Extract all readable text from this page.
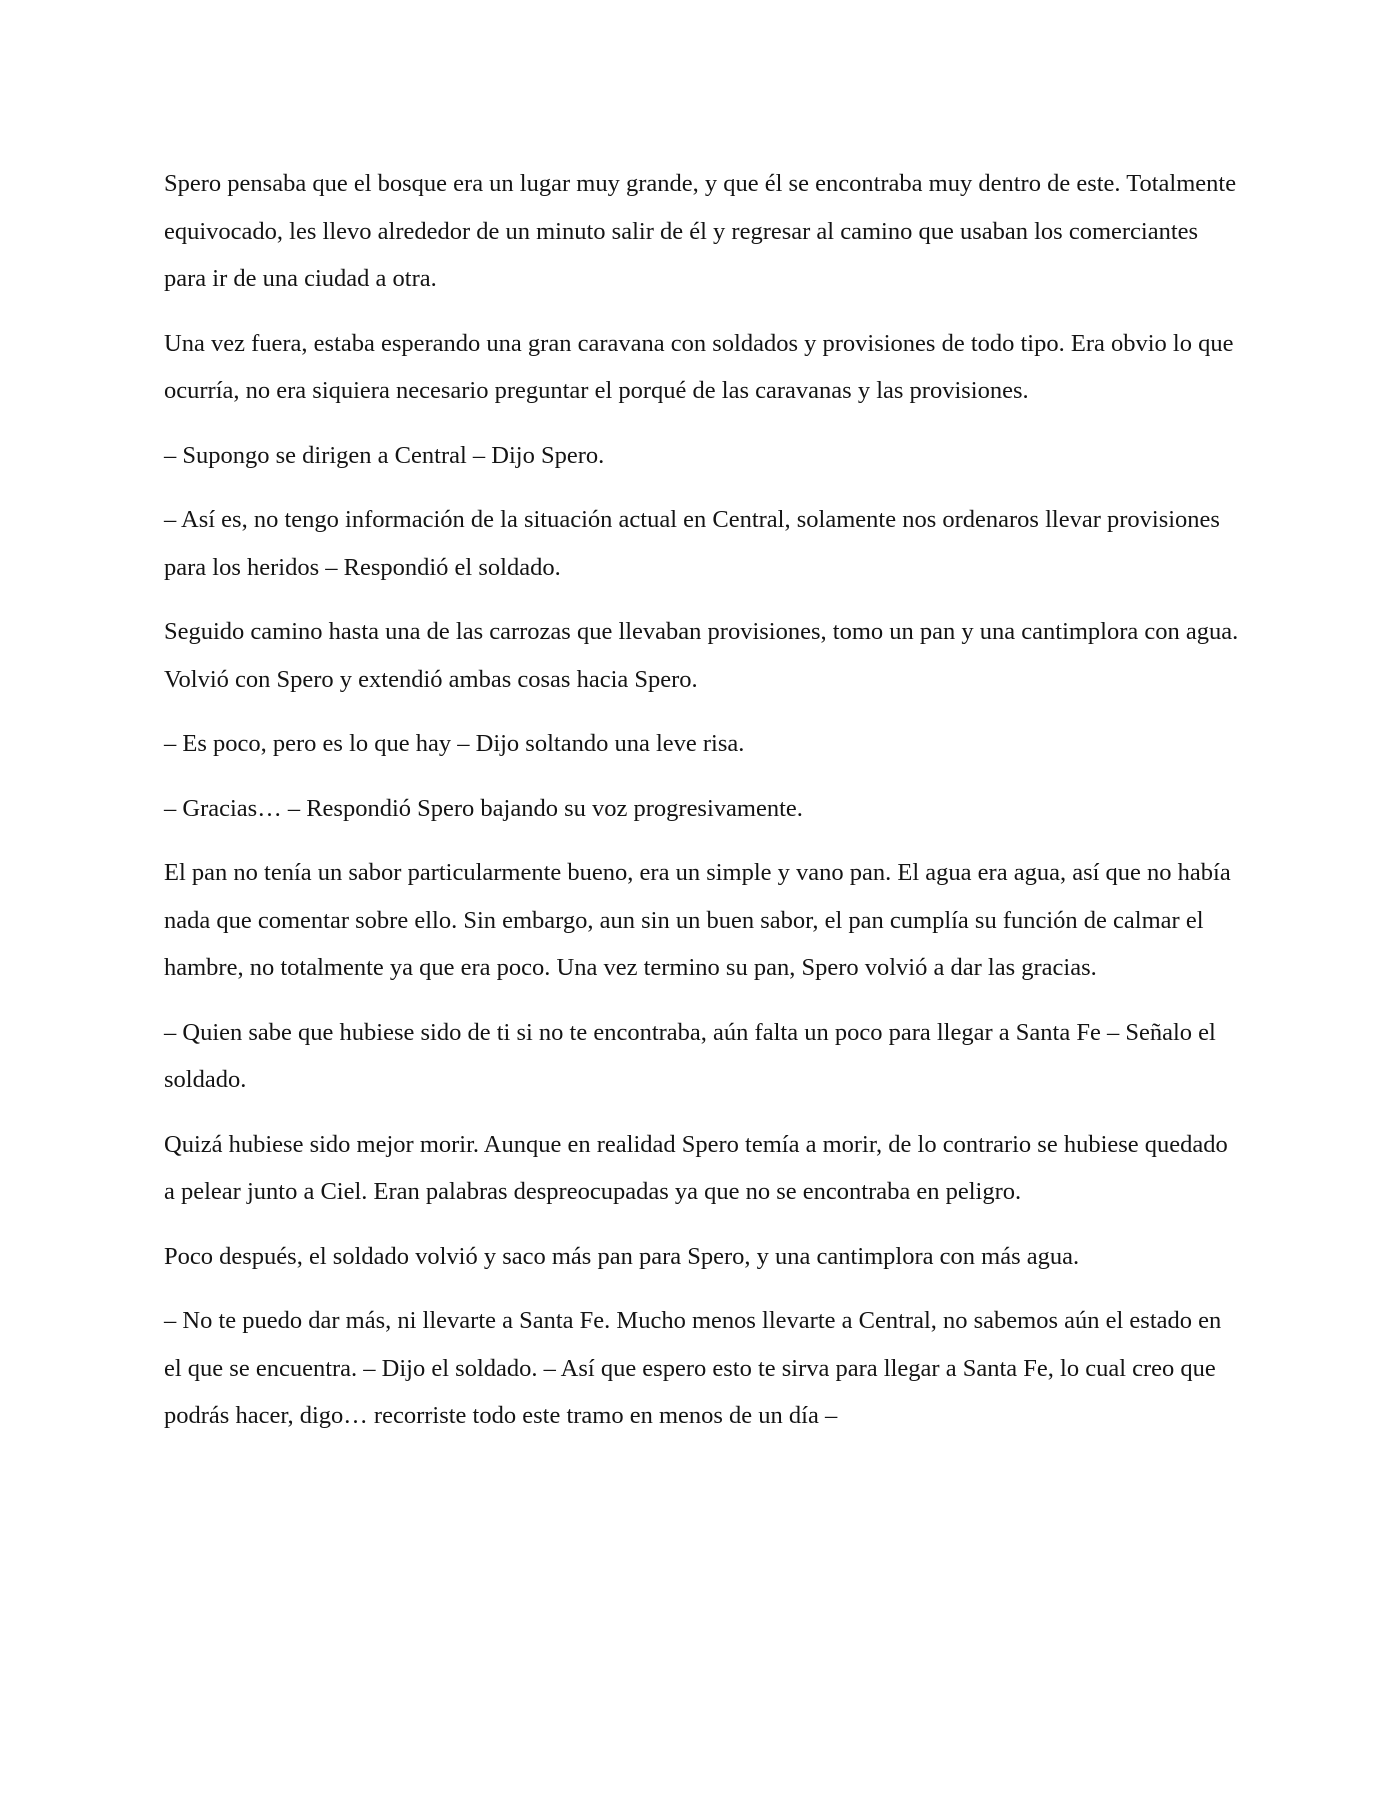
Spero pensaba que el bosque era un lugar muy grande, y que él se encontraba muy dentro de este. Totalmente equivocado, les llevo alrededor de un minuto salir de él y regresar al camino que usaban los comerciantes para ir de una ciudad a otra.

Una vez fuera, estaba esperando una gran caravana con soldados y provisiones de todo tipo. Era obvio lo que ocurría, no era siquiera necesario preguntar el porqué de las caravanas y las provisiones.

– Supongo se dirigen a Central – Dijo Spero.

– Así es, no tengo información de la situación actual en Central, solamente nos ordenaros llevar provisiones para los heridos – Respondió el soldado.

Seguido camino hasta una de las carrozas que llevaban provisiones, tomo un pan y una cantimplora con agua. Volvió con Spero y extendió ambas cosas hacia Spero.

– Es poco, pero es lo que hay – Dijo soltando una leve risa.

– Gracias… – Respondió Spero bajando su voz progresivamente.

El pan no tenía un sabor particularmente bueno, era un simple y vano pan. El agua era agua, así que no había nada que comentar sobre ello. Sin embargo, aun sin un buen sabor, el pan cumplía su función de calmar el hambre, no totalmente ya que era poco. Una vez termino su pan, Spero volvió a dar las gracias.

– Quien sabe que hubiese sido de ti si no te encontraba, aún falta un poco para llegar a Santa Fe – Señalo el soldado.

Quizá hubiese sido mejor morir. Aunque en realidad Spero temía a morir, de lo contrario se hubiese quedado a pelear junto a Ciel. Eran palabras despreocupadas ya que no se encontraba en peligro.

Poco después, el soldado volvió y saco más pan para Spero, y una cantimplora con más agua.

– No te puedo dar más, ni llevarte a Santa Fe. Mucho menos llevarte a Central, no sabemos aún el estado en el que se encuentra. – Dijo el soldado. – Así que espero esto te sirva para llegar a Santa Fe, lo cual creo que podrás hacer, digo… recorriste todo este tramo en menos de un día –
